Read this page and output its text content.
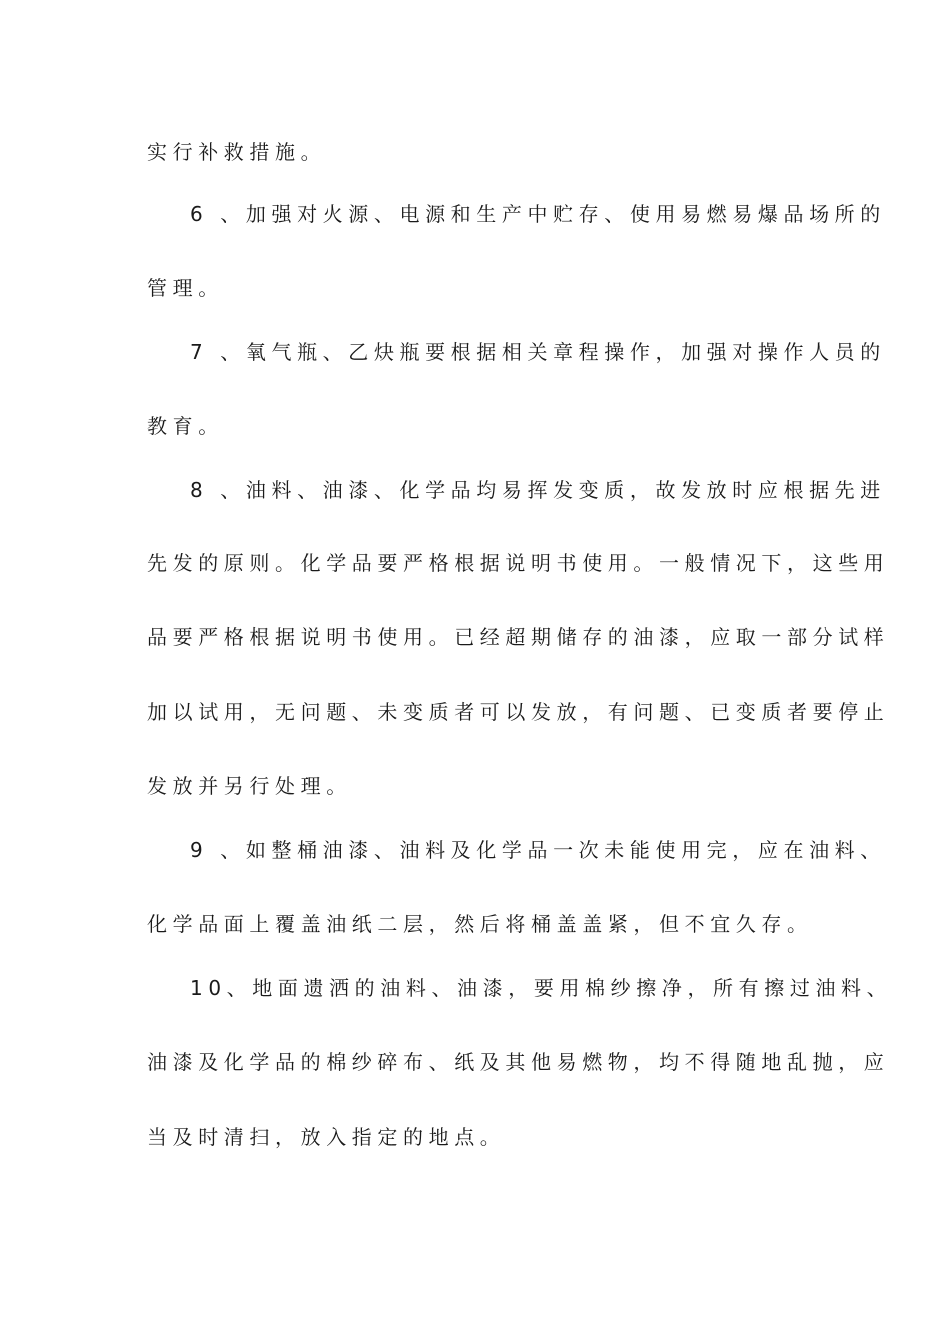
实行补救措施。

6 、加强对火源、电源和生产中贮存、使用易燃易爆品场所的

管理。

7 、氧气瓶、乙炔瓶要根据相关章程操作，加强对操作人员的

教育。

8 、油料、油漆、化学品均易挥发变质，故发放时应根据先进

先发的原则。化学品要严格根据说明书使用。一般情况下，这些用

品要严格根据说明书使用。已经超期储存的油漆，应取一部分试样

加以试用，无问题、未变质者可以发放，有问题、已变质者要停止

发放并另行处理。

9 、如整桶油漆、油料及化学品一次未能使用完，应在油料、

化学品面上覆盖油纸二层，然后将桶盖盖紧，但不宜久存。

10、地面遗洒的油料、油漆，要用棉纱擦净，所有擦过油料、

油漆及化学品的棉纱碎布、纸及其他易燃物，均不得随地乱抛，应

当及时清扫，放入指定的地点。
